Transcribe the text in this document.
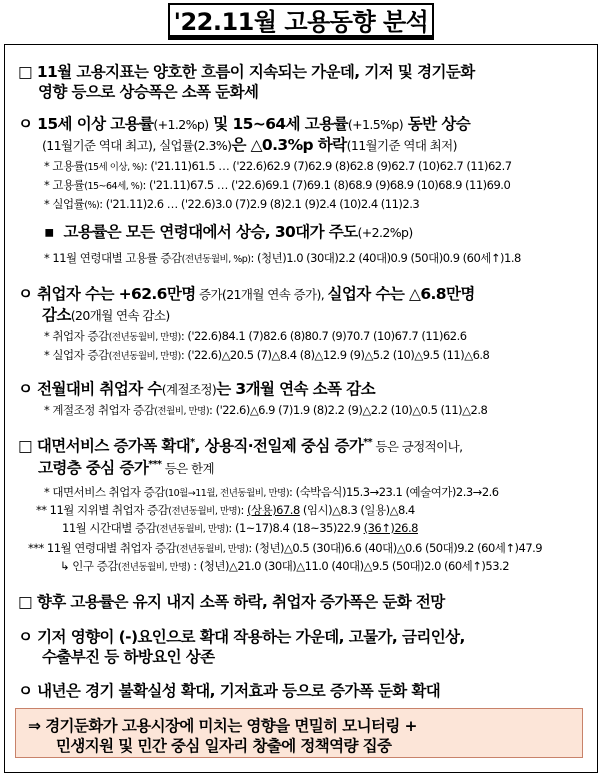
'22.11월 고용동향 분석
□ 11월 고용지표는 양호한 흐름이 지속되는 가운데, 기저 및 경기둔화
영향 등으로 상승폭은 소폭 둔화세
ㅇ 15세 이상 고용률(+1.2%p) 및 15~64세 고용률(+1.5%p) 동반 상승
(11월기준 역대 최고), 실업률(2.3%)은 △0.3%p 하락(11월기준 역대 최저)
* 고용률(15세 이상, %): ('21.11)61.5 … ('22.6)62.9 (7)62.9 (8)62.8 (9)62.7 (10)62.7 (11)62.7
* 고용률(15~64세, %): ('21.11)67.5 … ('22.6)69.1 (7)69.1 (8)68.9 (9)68.9 (10)68.9 (11)69.0
* 실업률(%): ('21.11)2.6 … ('22.6)3.0 (7)2.9 (8)2.1 (9)2.4 (10)2.4 (11)2.3
▪ 고용률은 모든 연령대에서 상승, 30대가 주도(+2.2%p)
* 11월 연령대별 고용률 증감(전년동월비, %p): (청년)1.0 (30대)2.2 (40대)0.9 (50대)0.9 (60세↑)1.8
ㅇ 취업자 수는 +62.6만명 증가(21개월 연속 증가), 실업자 수는 △6.8만명
감소(20개월 연속 감소)
* 취업자 증감(전년동월비, 만명): ('22.6)84.1 (7)82.6 (8)80.7 (9)70.7 (10)67.7 (11)62.6
* 실업자 증감(전년동월비, 만명): ('22.6)△20.5 (7)△8.4 (8)△12.9 (9)△5.2 (10)△9.5 (11)△6.8
ㅇ 전월대비 취업자 수(계절조정)는 3개월 연속 소폭 감소
* 계절조정 취업자 증감(전월비, 만명): ('22.6)△6.9 (7)1.9 (8)2.2 (9)△2.2 (10)△0.5 (11)△2.8
□ 대면서비스 증가폭 확대*, 상용직·전일제 중심 증가** 등은 긍정적이나,
고령층 중심 증가*** 등은 한계
* 대면서비스 취업자 증감(10월→11월, 전년동월비, 만명): (숙박음식)15.3→23.1 (예술여가)2.3→2.6
** 11월 지위별 취업자 증감(전년동월비, 만명): (상용)67.8 (임시)△8.3 (일용)△8.4
11월 시간대별 증감(전년동월비, 만명): (1~17)8.4 (18~35)22.9 (36↑)26.8
*** 11월 연령대별 취업자 증감(전년동월비, 만명): (청년)△0.5 (30대)6.6 (40대)△0.6 (50대)9.2 (60세↑)47.9
↳ 인구 증감(전년동월비, 만명) : (청년)△21.0 (30대)△11.0 (40대)△9.5 (50대)2.0 (60세↑)53.2
□ 향후 고용률은 유지 내지 소폭 하락, 취업자 증가폭은 둔화 전망
ㅇ 기저 영향이 (-)요인으로 확대 작용하는 가운데, 고물가, 금리인상,
수출부진 등 하방요인 상존
ㅇ 내년은 경기 불확실성 확대, 기저효과 등으로 증가폭 둔화 확대
⇒ 경기둔화가 고용시장에 미치는 영향을 면밀히 모니터링 +
민생지원 및 민간 중심 일자리 창출에 정책역량 집중
